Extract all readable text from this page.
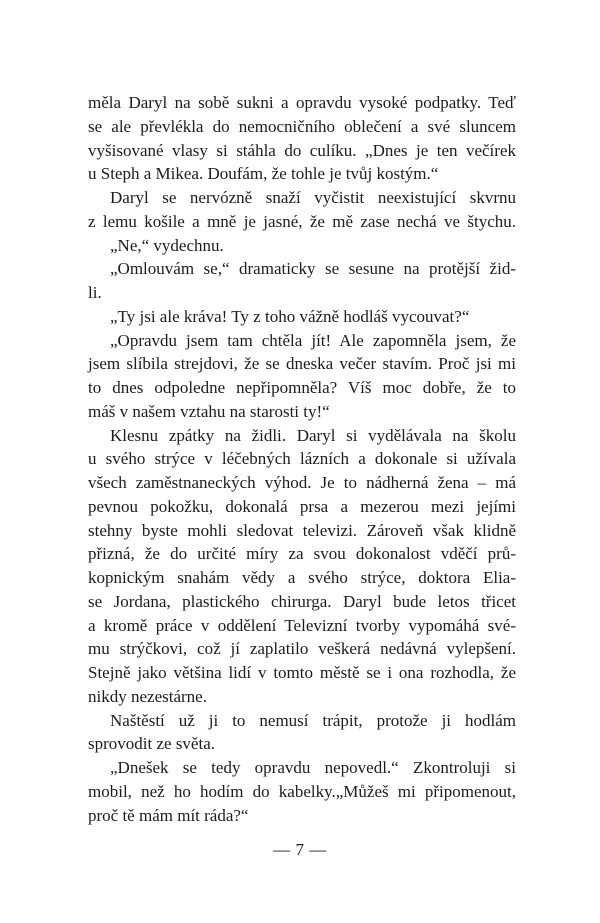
měla Daryl na sobě sukni a opravdu vysoké podpatky. Teď
se ale převlékla do nemocničního oblečení a své sluncem
vyšisované vlasy si stáhla do culíku. „Dnes je ten večírek
u Steph a Mikea. Doufám, že tohle je tvůj kostým.“
Daryl se nervózně snaží vyčistit neexistující skvrnu
z lemu košile a mně je jasné, že mě zase nechá ve štychu.
„Ne,“ vydechnu.
„Omlouvám se,“ dramaticky se sesune na protější žid-
li.
„Ty jsi ale kráva! Ty z toho vážně hodláš vycouvat?“
„Opravdu jsem tam chtěla jít! Ale zapomněla jsem, že
jsem slíbila strejdovi, že se dneska večer stavím. Proč jsi mi
to dnes odpoledne nepřipomněla? Víš moc dobře, že to
máš v našem vztahu na starosti ty!“
Klesnu zpátky na židli. Daryl si vydělávala na školu
u svého strýce v léčebných lázních a dokonale si užívala
všech zaměstnaneckých výhod. Je to nádherná žena – má
pevnou pokožku, dokonalá prsa a mezerou mezi jejími
stehny byste mohli sledovat televizi. Zároveň však klidně
přizná, že do určité míry za svou dokonalost vděčí prů-
kopnickým snahám vědy a svého strýce, doktora Elia-
se Jordana, plastického chirurga. Daryl bude letos třicet
a kromě práce v oddělení Televizní tvorby vypomáhá své-
mu strýčkovi, což jí zaplatilo veškerá nedávná vylepšení.
Stejně jako většina lidí v tomto městě se i ona rozhodla, že
nikdy nezestárne.
Naštěstí už ji to nemusí trápit, protože ji hodlám
sprovodit ze světa.
„Dnešek se tedy opravdu nepovedl.“ Zkontroluji si
mobil, než ho hodím do kabelky.„Můžeš mi připomenout,
proč tě mám mít ráda?“
— 7 —
